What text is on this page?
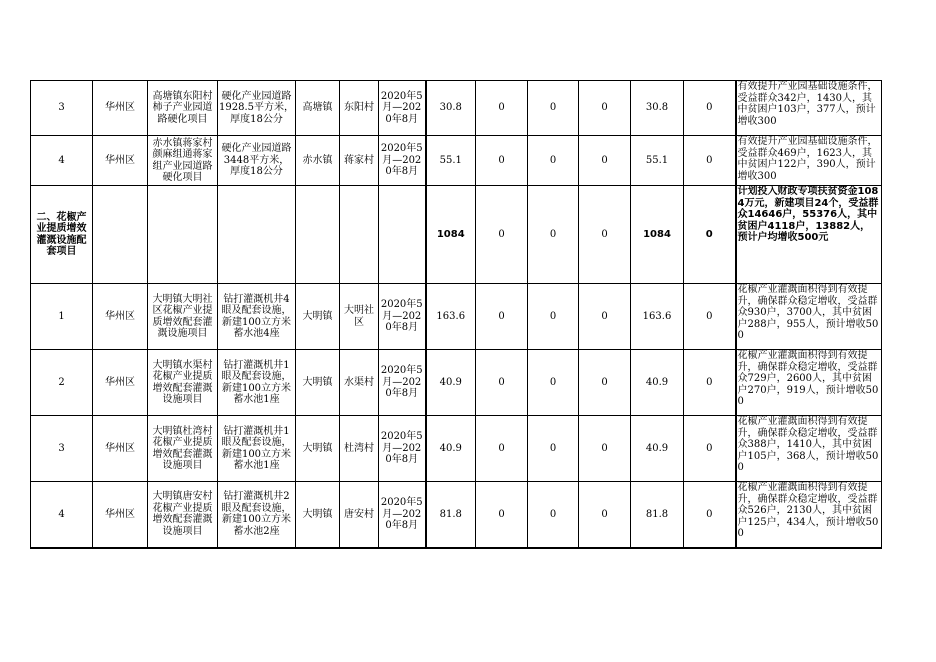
3	华州区	高塘镇东阳村柿子产业园道路硬化项目	硬化产业园道路1928.5平方米，厚度18公分	高塘镇	东阳村	2020年5月—2020年8月	30.8	0	0	0	30.8	0	有效提升产业园基础设施条件，受益群众342户，1430人，其中贫困户103户，377人，预计增收300
4	华州区	赤水镇蒋家村颜麻组通蒋家组产业园道路硬化项目	硬化产业园道路3448平方米，厚度18公分	赤水镇	蒋家村	2020年5月—2020年8月	55.1	0	0	0	55.1	0	有效提升产业园基础设施条件，受益群众469户，1623人，其中贫困户122户，390人，预计增收300
二、花椒产业提质增效灌溉设施配套项目							1084	0	0	0	1084	0	计划投入财政专项扶贫资金1084万元，新建项目24个，受益群众14646户，55376人，其中贫困户4118户，13882人，预计户均增收500元
1	华州区	大明镇大明社区花椒产业提质增效配套灌溉设施项目	钻打灌溉机井4眼及配套设施，新建100立方米蓄水池4座	大明镇	大明社区	2020年5月—2020年8月	163.6	0	0	0	163.6	0	花椒产业灌溉面积得到有效提升，确保群众稳定增收，受益群众930户，3700人，其中贫困户288户，955人，预计增收500
2	华州区	大明镇水渠村花椒产业提质增效配套灌溉设施项目	钻打灌溉机井1眼及配套设施，新建100立方米蓄水池1座	大明镇	水渠村	2020年5月—2020年8月	40.9	0	0	0	40.9	0	花椒产业灌溉面积得到有效提升，确保群众稳定增收，受益群众729户，2600人，其中贫困户270户，919人，预计增收500
3	华州区	大明镇杜湾村花椒产业提质增效配套灌溉设施项目	钻打灌溉机井1眼及配套设施，新建100立方米蓄水池1座	大明镇	杜湾村	2020年5月—2020年8月	40.9	0	0	0	40.9	0	花椒产业灌溉面积得到有效提升，确保群众稳定增收，受益群众388户，1410人，其中贫困户105户，368人，预计增收500
4	华州区	大明镇唐安村花椒产业提质增效配套灌溉设施项目	钻打灌溉机井2眼及配套设施，新建100立方米蓄水池2座	大明镇	唐安村	2020年5月—2020年8月	81.8	0	0	0	81.8	0	花椒产业灌溉面积得到有效提升，确保群众稳定增收，受益群众526户，2130人，其中贫困户125户，434人，预计增收500
